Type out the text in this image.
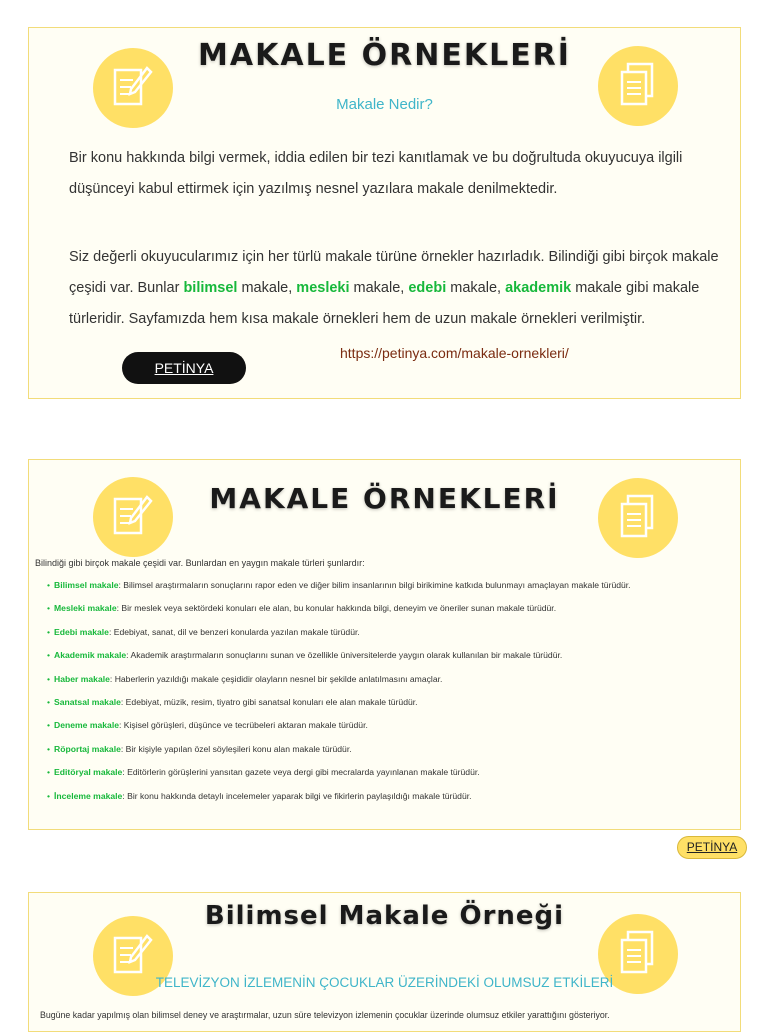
MAKALE ÖRNEKLERİ
Makale Nedir?
Bir konu hakkında bilgi vermek, iddia edilen bir tezi kanıtlamak ve bu doğrultuda okuyucuya ilgili düşünceyi kabul ettirmek için yazılmış nesnel yazılara makale denilmektedir.
Siz değerli okuyucularımız için her türlü makale türüne örnekler hazırladık. Bilindiği gibi birçok makale çeşidi var. Bunlar bilimsel makale, mesleki makale, edebi makale, akademik makale gibi makale türleridir. Sayfamızda hem kısa makale örnekleri hem de uzun makale örnekleri verilmiştir.
PETİNYA
https://petinya.com/makale-ornekleri/
MAKALE ÖRNEKLERİ
Bilindiği gibi birçok makale çeşidi var. Bunlardan en yaygın makale türleri şunlardır:
• Bilimsel makale: Bilimsel araştırmaların sonuçlarını rapor eden ve diğer bilim insanlarının bilgi birikimine katkıda bulunmayı amaçlayan makale türüdür.
• Mesleki makale: Bir meslek veya sektördeki konuları ele alan, bu konular hakkında bilgi, deneyim ve öneriler sunan makale türüdür.
• Edebi makale: Edebiyat, sanat, dil ve benzeri konularda yazılan makale türüdür.
• Akademik makale: Akademik araştırmaların sonuçlarını sunan ve özellikle üniversitelerde yaygın olarak kullanılan bir makale türüdür.
• Haber makale: Haberlerin yazıldığı makale çeşididir olayların nesnel bir şekilde anlatılmasını amaçlar.
• Sanatsal makale: Edebiyat, müzik, resim, tiyatro gibi sanatsal konuları ele alan makale türüdür.
• Deneme makale: Kişisel görüşleri, düşünce ve tecrübeleri aktaran makale türüdür.
• Röportaj makale: Bir kişiyle yapılan özel söyleşileri konu alan makale türüdür.
• Editöryal makale: Editörlerin görüşlerini yansıtan gazete veya dergi gibi mecralarda yayınlanan makale türüdür.
• İnceleme makale: Bir konu hakkında detaylı incelemeler yaparak bilgi ve fikirlerin paylaşıldığı makale türüdür.
PETİNYA
Bilimsel Makale Örneği
TELEVİZYON İZLEMENİN ÇOCUKLAR ÜZERİNDEKİ OLUMSUZ ETKİLERİ
Bugüne kadar yapılmış olan bilimsel deney ve araştırmalar, uzun süre televizyon izlemenin çocuklar üzerinde olumsuz etkiler yarattığını gösteriyor.
